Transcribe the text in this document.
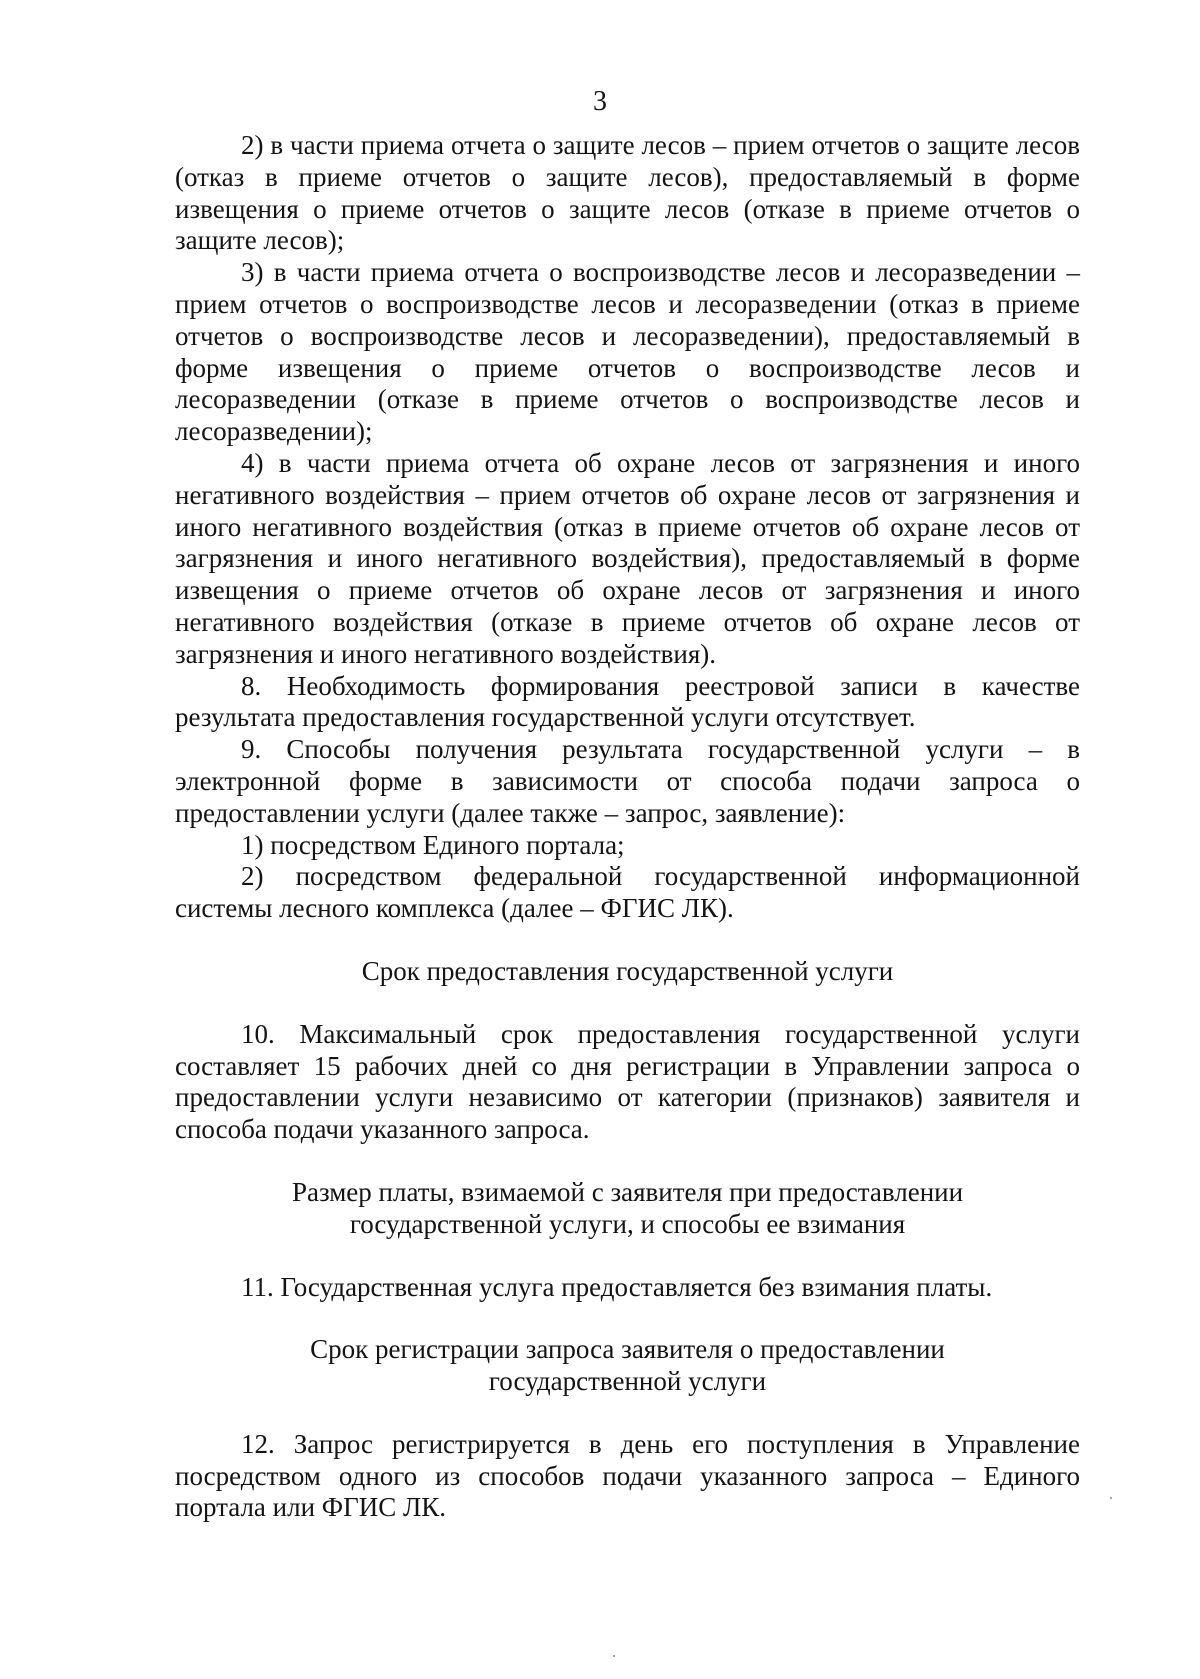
3

2) в части приема отчета о защите лесов – прием отчетов о защите лесов (отказ в приеме отчетов о защите лесов), предоставляемый в форме извещения о приеме отчетов о защите лесов (отказе в приеме отчетов о защите лесов);

3) в части приема отчета о воспроизводстве лесов и лесоразведении – прием отчетов о воспроизводстве лесов и лесоразведении (отказ в приеме отчетов о воспроизводстве лесов и лесоразведении), предоставляемый в форме извещения о приеме отчетов о воспроизводстве лесов и лесоразведении (отказе в приеме отчетов о воспроизводстве лесов и лесоразведении);

4) в части приема отчета об охране лесов от загрязнения и иного негативного воздействия – прием отчетов об охране лесов от загрязнения и иного негативного воздействия (отказ в приеме отчетов об охране лесов от загрязнения и иного негативного воздействия), предоставляемый в форме извещения о приеме отчетов об охране лесов от загрязнения и иного негативного воздействия (отказе в приеме отчетов об охране лесов от загрязнения и иного негативного воздействия).

8. Необходимость формирования реестровой записи в качестве результата предоставления государственной услуги отсутствует.

9. Способы получения результата государственной услуги – в электронной форме в зависимости от способа подачи запроса о предоставлении услуги (далее также – запрос, заявление):

1) посредством Единого портала;

2) посредством федеральной государственной информационной системы лесного комплекса (далее – ФГИС ЛК).

Срок предоставления государственной услуги

10. Максимальный срок предоставления государственной услуги составляет 15 рабочих дней со дня регистрации в Управлении запроса о предоставлении услуги независимо от категории (признаков) заявителя и способа подачи указанного запроса.

Размер платы, взимаемой с заявителя при предоставлении
государственной услуги, и способы ее взимания

11. Государственная услуга предоставляется без взимания платы.

Срок регистрации запроса заявителя о предоставлении
государственной услуги

12. Запрос регистрируется в день его поступления в Управление посредством одного из способов подачи указанного запроса – Единого портала или ФГИС ЛК.
